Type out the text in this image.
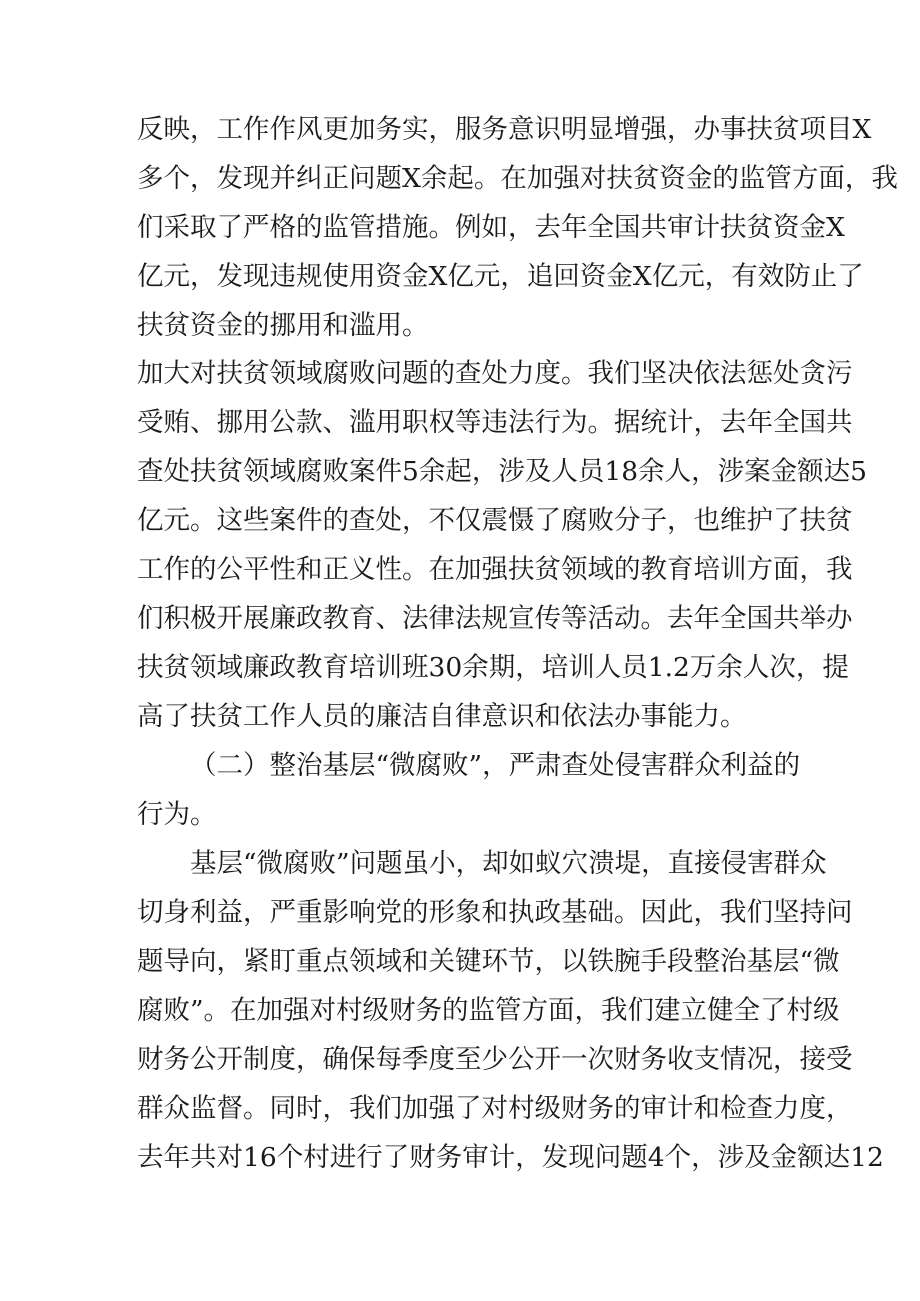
反映，工作作风更加务实，服务意识明显增强，办事扶贫项目X

多个，发现并纠正问题X余起。在加强对扶贫资金的监管方面，我

们采取了严格的监管措施。例如，去年全国共审计扶贫资金X

亿元，发现违规使用资金X亿元，追回资金X亿元，有效防止了

扶贫资金的挪用和滥用。

加大对扶贫领域腐败问题的查处力度。我们坚决依法惩处贪污

受贿、挪用公款、滥用职权等违法行为。据统计，去年全国共

查处扶贫领域腐败案件5余起，涉及人员18余人，涉案金额达5

亿元。这些案件的查处，不仅震慑了腐败分子，也维护了扶贫

工作的公平性和正义性。在加强扶贫领域的教育培训方面，我

们积极开展廉政教育、法律法规宣传等活动。去年全国共举办

扶贫领域廉政教育培训班30余期，培训人员1.2万余人次，提

高了扶贫工作人员的廉洁自律意识和依法办事能力。

（二）整治基层“微腐败”，严肃查处侵害群众利益的

行为。

基层“微腐败”问题虽小，却如蚁穴溃堤，直接侵害群众

切身利益，严重影响党的形象和执政基础。因此，我们坚持问

题导向，紧盯重点领域和关键环节，以铁腕手段整治基层“微

腐败”。在加强对村级财务的监管方面，我们建立健全了村级

财务公开制度，确保每季度至少公开一次财务收支情况，接受

群众监督。同时，我们加强了对村级财务的审计和检查力度，

去年共对16个村进行了财务审计，发现问题4个，涉及金额达12
